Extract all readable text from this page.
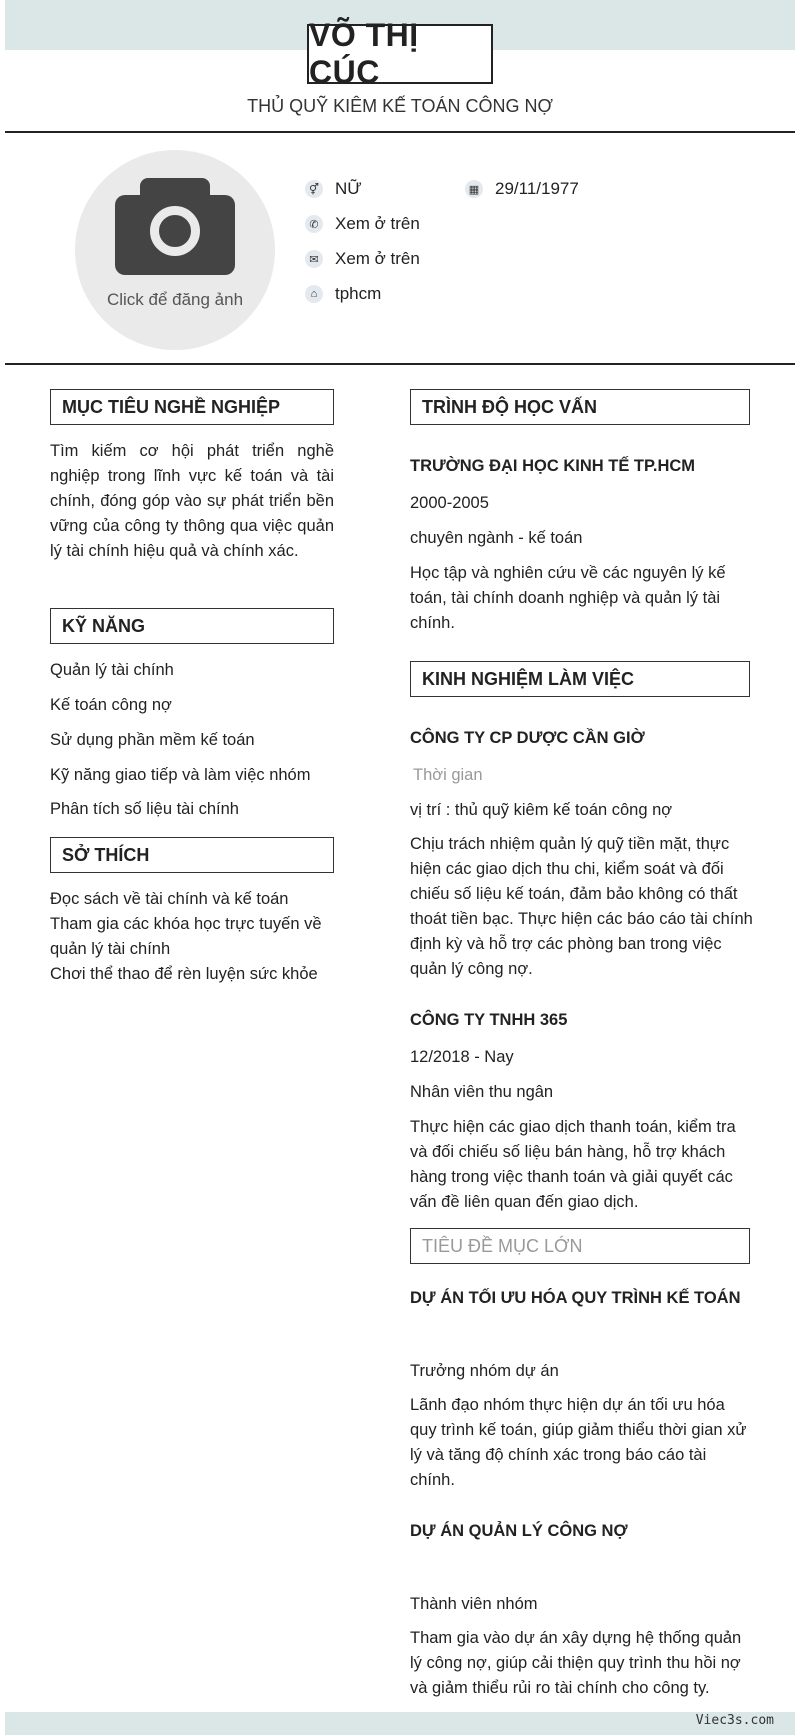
VÕ THỊ CÚC
THỦ QUỸ KIÊM KẾ TOÁN CÔNG NỢ
Click để đăng ảnh
⚥ NỮ	▦ 29/11/1977
✆ Xem ở trên
✉ Xem ở trên
⌂	tphcm
MỤC TIÊU NGHỀ NGHIỆP
Tìm kiếm cơ hội phát triển nghề nghiệp trong lĩnh vực kế toán và tài chính, đóng góp vào sự phát triển bền vững của công ty thông qua việc quản lý tài chính hiệu quả và chính xác.
KỸ NĂNG
Quản lý tài chính
Kế toán công nợ
Sử dụng phần mềm kế toán
Kỹ năng giao tiếp và làm việc nhóm
Phân tích số liệu tài chính
SỞ THÍCH
Đọc sách về tài chính và kế toán
Tham gia các khóa học trực tuyến về quản lý tài chính
Chơi thể thao để rèn luyện sức khỏe
TRÌNH ĐỘ HỌC VẤN
TRƯỜNG ĐẠI HỌC KINH TẾ TP.HCM
2000-2005
chuyên ngành - kế toán
Học tập và nghiên cứu về các nguyên lý kế toán, tài chính doanh nghiệp và quản lý tài chính.
KINH NGHIỆM LÀM VIỆC
CÔNG TY CP DƯỢC CẦN GIỜ
Thời gian
vị trí : thủ quỹ kiêm kế toán công nợ
Chịu trách nhiệm quản lý quỹ tiền mặt, thực hiện các giao dịch thu chi, kiểm soát và đối chiếu số liệu kế toán, đảm bảo không có thất thoát tiền bạc. Thực hiện các báo cáo tài chính định kỳ và hỗ trợ các phòng ban trong việc quản lý công nợ.
CÔNG TY TNHH 365
12/2018 - Nay
Nhân viên thu ngân
Thực hiện các giao dịch thanh toán, kiểm tra và đối chiếu số liệu bán hàng, hỗ trợ khách hàng trong việc thanh toán và giải quyết các vấn đề liên quan đến giao dịch.
TIÊU ĐỀ MỤC LỚN
DỰ ÁN TỐI ƯU HÓA QUY TRÌNH KẾ TOÁN
Trưởng nhóm dự án
Lãnh đạo nhóm thực hiện dự án tối ưu hóa quy trình kế toán, giúp giảm thiểu thời gian xử lý và tăng độ chính xác trong báo cáo tài chính.
DỰ ÁN QUẢN LÝ CÔNG NỢ
Thành viên nhóm
Tham gia vào dự án xây dựng hệ thống quản lý công nợ, giúp cải thiện quy trình thu hồi nợ và giảm thiểu rủi ro tài chính cho công ty.
Viec3s.com
